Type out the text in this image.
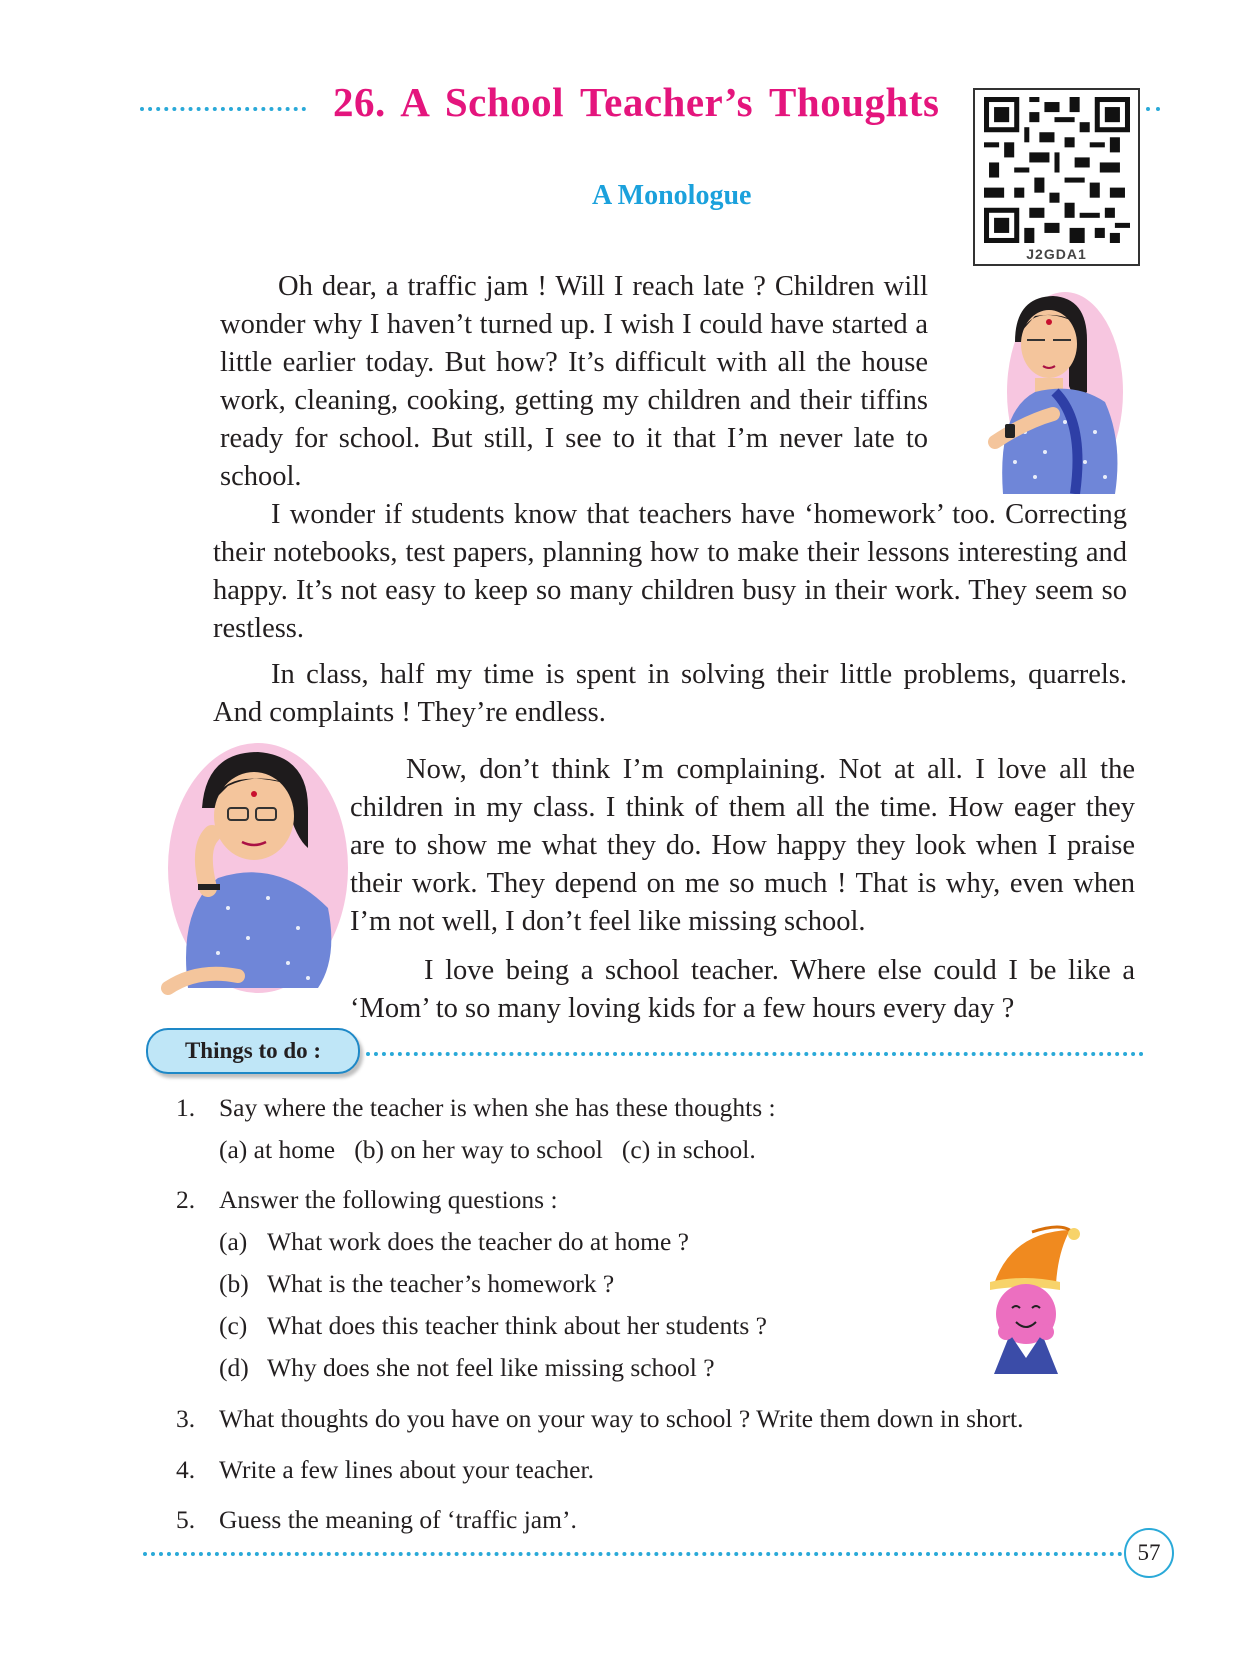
26. A School Teacher’s Thoughts
J2GDA1
A Monologue

Oh dear, a traffic jam ! Will I reach late ? Children will wonder why I haven’t turned up. I wish I could have started a little earlier today. But how? It’s difficult with all the house work, cleaning, cooking, getting my children and their tiffins ready for school. But still, I see to it that I’m never late to school.

I wonder if students know that teachers have ‘homework’ too. Correcting their notebooks, test papers, planning how to make their lessons interesting and happy. It’s not easy to keep so many children busy in their work. They seem so restless.

In class, half my time is spent in solving their little problems, quarrels. And complaints ! They’re endless.

Now, don’t think I’m complaining. Not at all. I love all the children in my class. I think of them all the time. How eager they are to show me what they do. How happy they look when I praise their work. They depend on me so much ! That is why, even when I’m not well, I don’t feel like missing school.

I love being a school teacher. Where else could I be like a ‘Mom’ to so many loving kids for a few hours every day ?

Things to do :
1. Say where the teacher is when she has these thoughts :
(a) at home   (b) on her way to school   (c) in school.
2. Answer the following questions :
(a) What work does the teacher do at home ?
(b) What is the teacher’s homework ?
(c) What does this teacher think about her students ?
(d) Why does she not feel like missing school ?
3. What thoughts do you have on your way to school ? Write them down in short.
4. Write a few lines about your teacher.
5. Guess the meaning of ‘traffic jam’.
57
